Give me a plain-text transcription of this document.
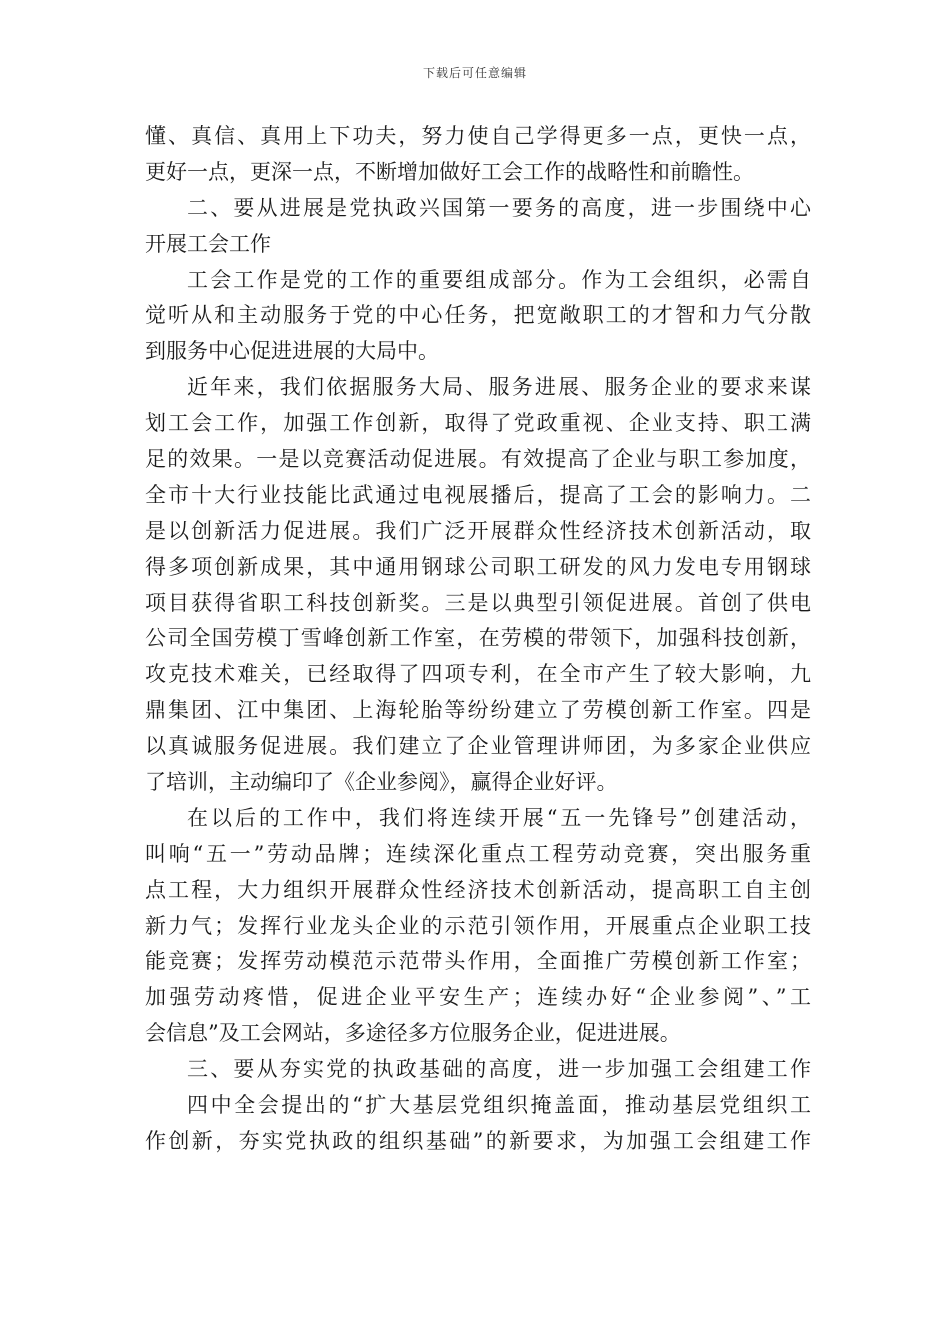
下载后可任意编辑
懂、真信、真用上下功夫，努力使自己学得更多一点，更快一点，
更好一点，更深一点，不断增加做好工会工作的战略性和前瞻性。
二、要从进展是党执政兴国第一要务的高度，进一步围绕中心
开展工会工作
工会工作是党的工作的重要组成部分。作为工会组织，必需自
觉听从和主动服务于党的中心任务，把宽敞职工的才智和力气分散
到服务中心促进进展的大局中。
近年来，我们依据服务大局、服务进展、服务企业的要求来谋
划工会工作，加强工作创新，取得了党政重视、企业支持、职工满
足的效果。一是以竞赛活动促进展。有效提高了企业与职工参加度，
全市十大行业技能比武通过电视展播后，提高了工会的影响力。二
是以创新活力促进展。我们广泛开展群众性经济技术创新活动，取
得多项创新成果，其中通用钢球公司职工研发的风力发电专用钢球
项目获得省职工科技创新奖。三是以典型引领促进展。首创了供电
公司全国劳模丁雪峰创新工作室，在劳模的带领下，加强科技创新，
攻克技术难关，已经取得了四项专利，在全市产生了较大影响，九
鼎集团、江中集团、上海轮胎等纷纷建立了劳模创新工作室。四是
以真诚服务促进展。我们建立了企业管理讲师团，为多家企业供应
了培训，主动编印了《企业参阅》，赢得企业好评。
在以后的工作中，我们将连续开展“五一先锋号”创建活动，
叫响“五一”劳动品牌；连续深化重点工程劳动竞赛，突出服务重
点工程，大力组织开展群众性经济技术创新活动，提高职工自主创
新力气；发挥行业龙头企业的示范引领作用，开展重点企业职工技
能竞赛；发挥劳动模范示范带头作用，全面推广劳模创新工作室；
加强劳动疼惜，促进企业平安生产；连续办好“企业参阅”、”工
会信息”及工会网站，多途径多方位服务企业，促进进展。
三、要从夯实党的执政基础的高度，进一步加强工会组建工作
四中全会提出的“扩大基层党组织掩盖面，推动基层党组织工
作创新，夯实党执政的组织基础”的新要求，为加强工会组建工作
